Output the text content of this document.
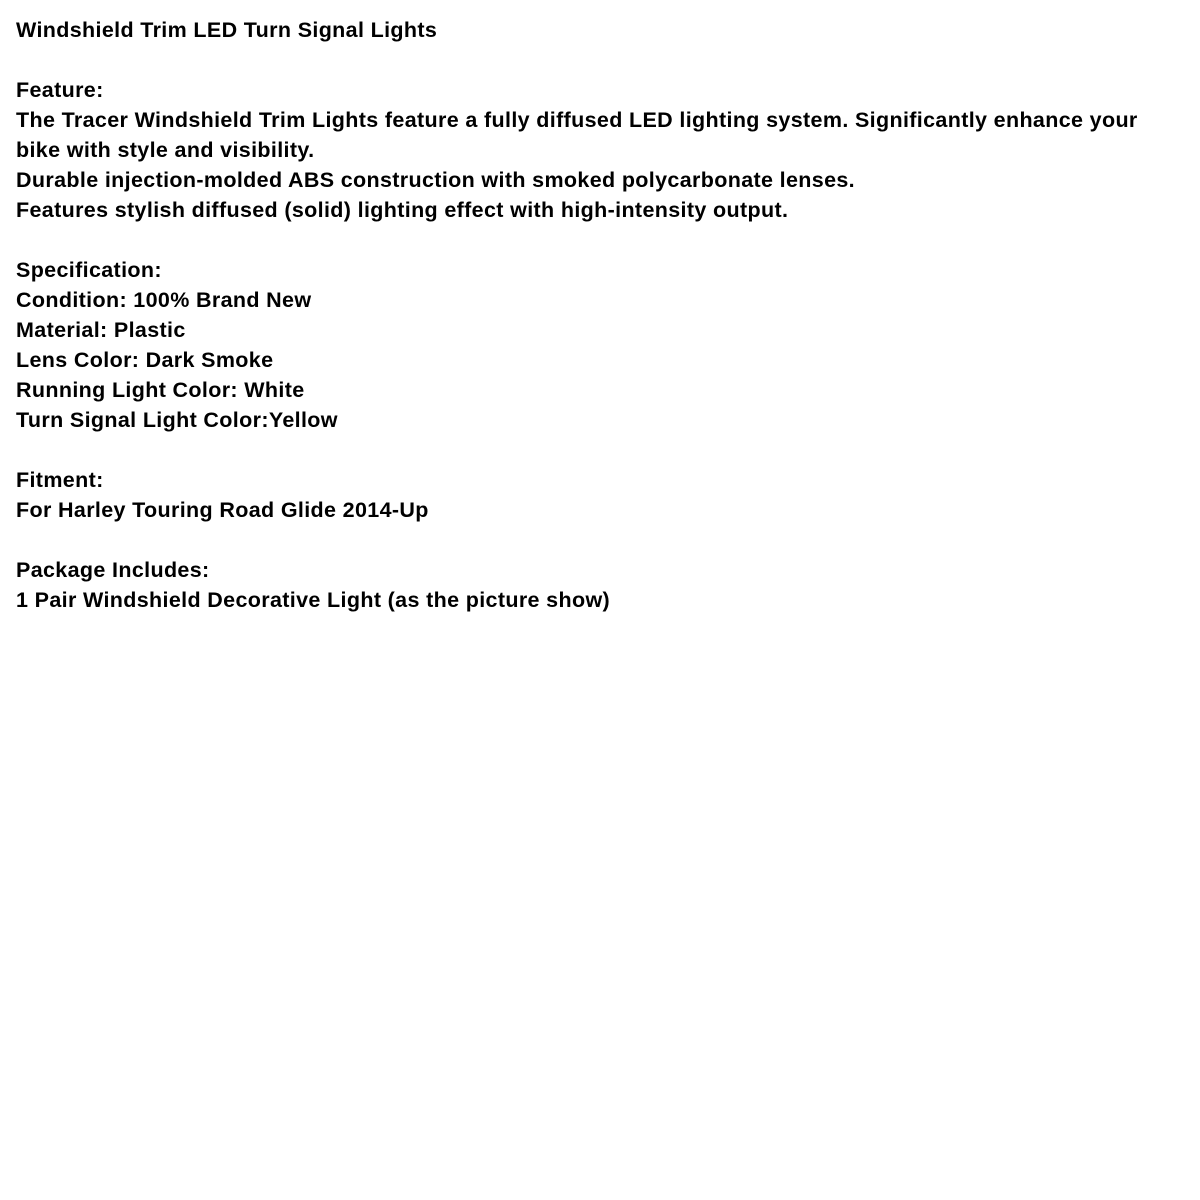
Windshield Trim LED Turn Signal Lights
Feature:
The Tracer Windshield Trim Lights feature a fully diffused LED lighting system. Significantly enhance your bike with style and visibility.
Durable injection-molded ABS construction with smoked polycarbonate lenses.
Features stylish diffused (solid) lighting effect with high-intensity output.
Specification:
Condition: 100% Brand New
Material: Plastic
Lens Color: Dark Smoke
Running Light Color: White
Turn Signal Light Color:Yellow
Fitment:
For Harley Touring Road Glide 2014-Up
Package Includes:
1 Pair Windshield Decorative Light (as the picture show)
